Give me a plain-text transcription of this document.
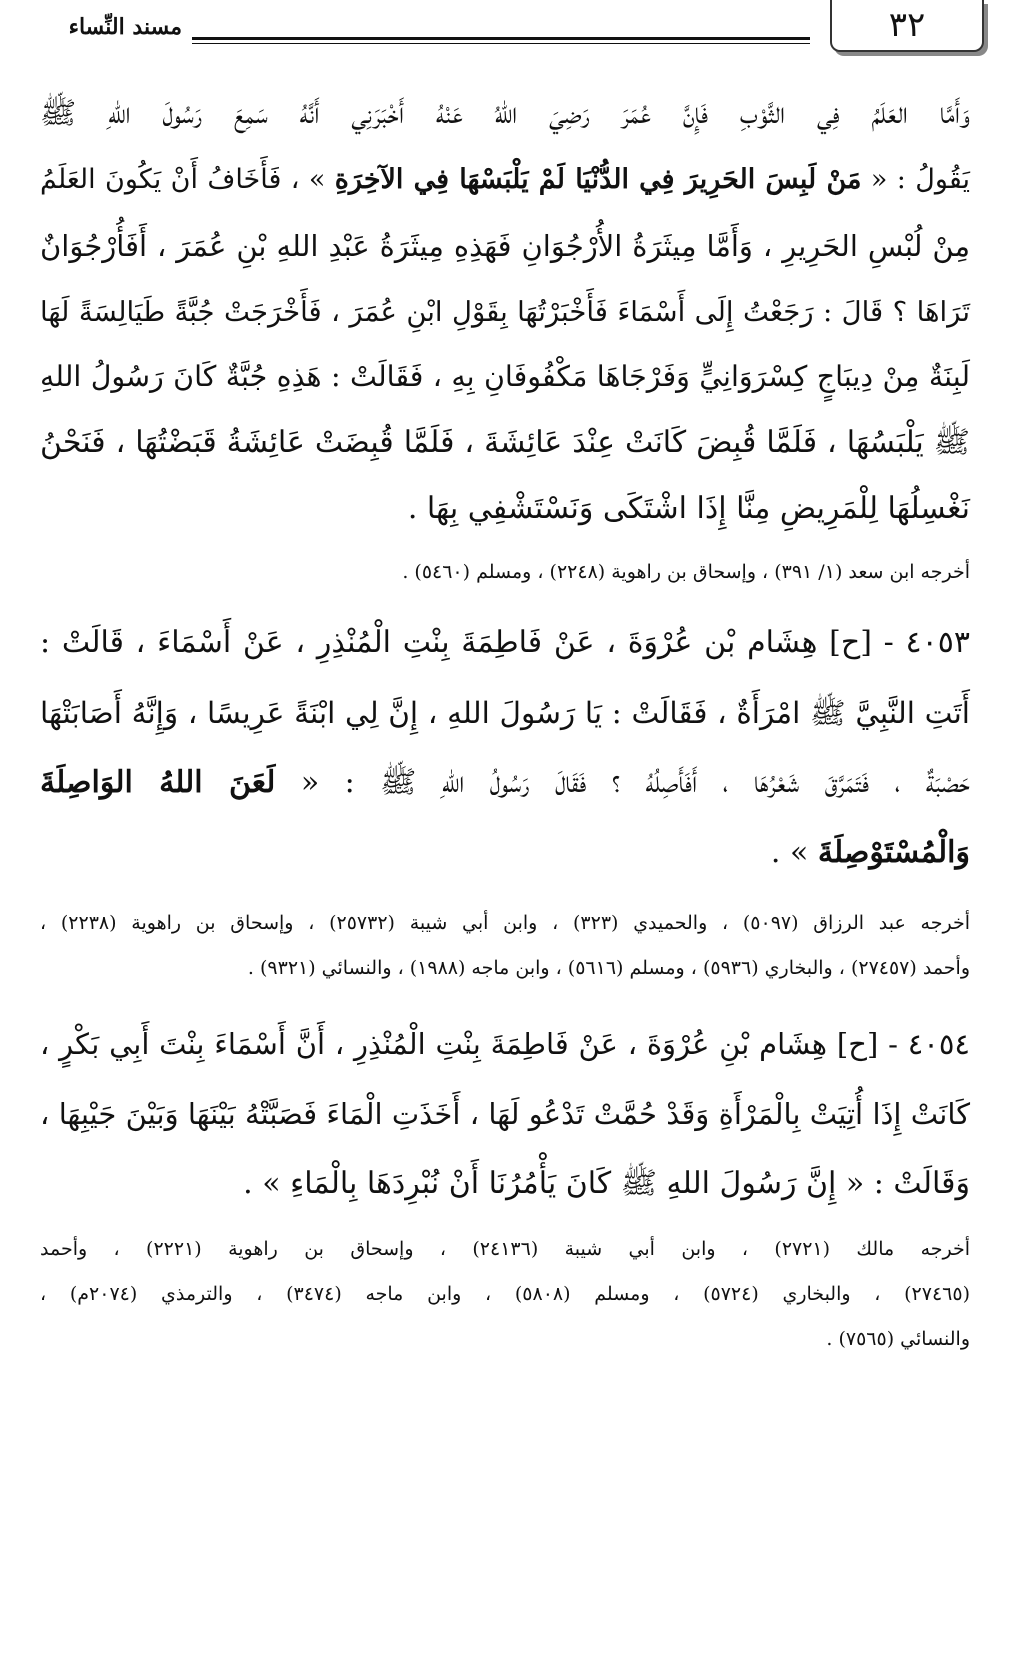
٣٢
مسند النِّساء
وَأَمَّا العَلَمُ فِي الثَّوْبِ فَإِنَّ عُمَرَ رَضِيَ اللهُ عَنْهُ أَخْبَرَنِي أَنَّهُ سَمِعَ رَسُولَ اللهِ ﷺ
يَقُولُ : « مَنْ لَبِسَ الحَرِيرَ فِي الدُّنْيَا لَمْ يَلْبَسْهَا فِي الآخِرَةِ » ، فَأَخَافُ أَنْ يَكُونَ العَلَمُ
مِنْ لُبْسِ الحَرِيرِ ، وَأَمَّا مِيثَرَةُ الأُرْجُوَانِ فَهَذِهِ مِيثَرَةُ عَبْدِ اللهِ بْنِ عُمَرَ ، أَفَأُرْجُوَانٌ
تَرَاهَا ؟ قَالَ : رَجَعْتُ إِلَى أَسْمَاءَ فَأَخْبَرْتُهَا بِقَوْلِ ابْنِ عُمَرَ ، فَأَخْرَجَتْ جُبَّةً طَيَالِسَةً لَهَا
لَبِنَةٌ مِنْ دِيبَاجٍ كِسْرَوَانِيٍّ وَفَرْجَاهَا مَكْفُوفَانِ بِهِ ، فَقَالَتْ : هَذِهِ جُبَّةٌ كَانَ رَسُولُ اللهِ
ﷺ يَلْبَسُهَا ، فَلَمَّا قُبِضَ كَانَتْ عِنْدَ عَائِشَةَ ، فَلَمَّا قُبِضَتْ عَائِشَةُ قَبَضْتُهَا ، فَنَحْنُ
نَغْسِلُهَا لِلْمَرِيضِ مِنَّا إِذَا اشْتَكَى وَنَسْتَشْفِي بِهَا .
أخرجه ابن سعد (١/ ٣٩١) ، وإسحاق بن راهوية (٢٢٤٨) ، ومسلم (٥٤٦٠) .
٤٠٥٣ - [ح] هِشَام بْن عُرْوَةَ ، عَنْ فَاطِمَةَ بِنْتِ الْمُنْذِرِ ، عَنْ أَسْمَاءَ ، قَالَتْ :
أَتَتِ النَّبِيَّ ﷺ امْرَأَةٌ ، فَقَالَتْ : يَا رَسُولَ اللهِ ، إِنَّ لِي ابْنَةً عَرِيسًا ، وَإِنَّهُ أَصَابَتْهَا
حَصْبَةٌ ، فَتَمَرَّقَ شَعْرُهَا ، أَفَأَصِلُهُ ؟ فَقَالَ رَسُولُ اللهِ ﷺ : « لَعَنَ اللهُ الوَاصِلَةَ
وَالْمُسْتَوْصِلَةَ » .
أخرجه عبد الرزاق (٥٠٩٧) ، والحميدي (٣٢٣) ، وابن أبي شيبة (٢٥٧٣٢) ، وإسحاق بن راهوية (٢٢٣٨) ،
وأحمد (٢٧٤٥٧) ، والبخاري (٥٩٣٦) ، ومسلم (٥٦١٦) ، وابن ماجه (١٩٨٨) ، والنسائي (٩٣٢١) .
٤٠٥٤ - [ح] هِشَام بْنِ عُرْوَةَ ، عَنْ فَاطِمَةَ بِنْتِ الْمُنْذِرِ ، أَنَّ أَسْمَاءَ بِنْتَ أَبِي بَكْرٍ ،
كَانَتْ إِذَا أُتِيَتْ بِالْمَرْأَةِ وَقَدْ حُمَّتْ تَدْعُو لَهَا ، أَخَذَتِ الْمَاءَ فَصَبَّتْهُ بَيْنَهَا وَبَيْنَ جَيْبِهَا ،
وَقَالَتْ : « إِنَّ رَسُولَ اللهِ ﷺ كَانَ يَأْمُرُنَا أَنْ نُبْرِدَهَا بِالْمَاءِ » .
أخرجه مالك (٢٧٢١) ، وابن أبي شيبة (٢٤١٣٦) ، وإسحاق بن راهوية (٢٢٢١) ، وأحمد
(٢٧٤٦٥) ، والبخاري (٥٧٢٤) ، ومسلم (٥٨٠٨) ، وابن ماجه (٣٤٧٤) ، والترمذي (٢٠٧٤م) ،
والنسائي (٧٥٦٥) .
